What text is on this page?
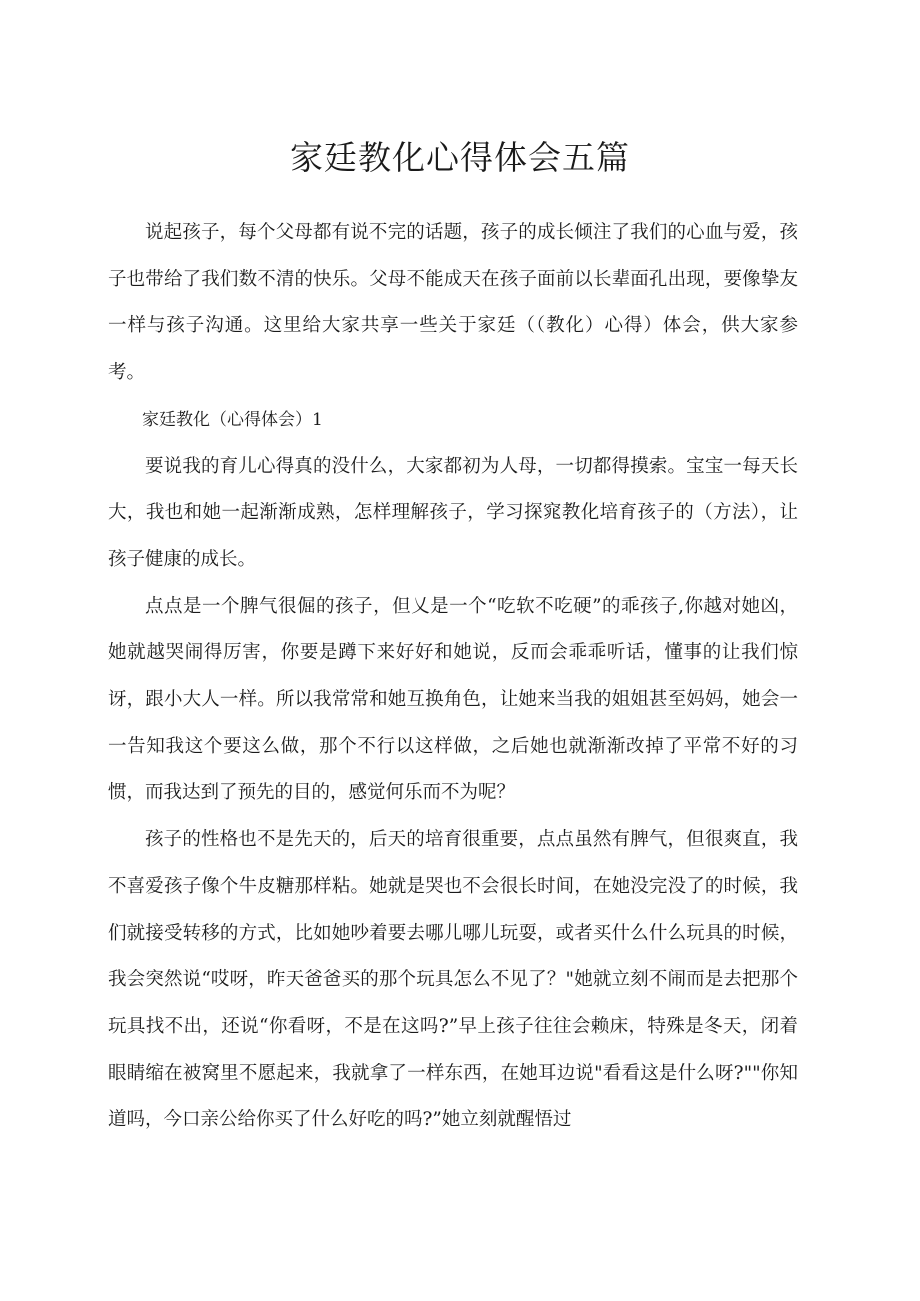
家廷教化心得体会五篇

说起孩子，每个父母都有说不完的话题，孩子的成长倾注了我们的心血与爱，孩子也带给了我们数不清的快乐。父母不能成天在孩子面前以长辈面孔出现，要像挚友一样与孩子沟通。这里给大家共享一些关于家廷（（教化）心得）体会，供大家参考。

家廷教化（心得体会）1

要说我的育儿心得真的没什么，大家都初为人母，一切都得摸索。宝宝一每天长大，我也和她一起渐渐成熟，怎样理解孩子，学习探窕教化培育孩子的（方法），让孩子健康的成长。

点点是一个脾气很倔的孩子，但乂是一个“吃软不吃硬”的乖孩子,你越对她凶，她就越哭闹得厉害，你要是蹲下来好好和她说，反而会乖乖听话，懂事的让我们惊讶，跟小大人一样。所以我常常和她互换角色，让她来当我的姐姐甚至妈妈，她会一一告知我这个要这么做，那个不行以这样做，之后她也就渐渐改掉了平常不好的习惯，而我达到了预先的目的，感觉何乐而不为呢？

孩子的性格也不是先天的，后天的培育很重要，点点虽然有脾气，但很爽直，我不喜爱孩子像个牛皮糖那样粘。她就是哭也不会很长时间，在她没完没了的时候，我们就接受转移的方式，比如她吵着要去哪儿哪儿玩耍，或者买什么什么玩具的时候，我会突然说“哎呀，昨天爸爸买的那个玩具怎么不见了？"她就立刻不闹而是去把那个玩具找不出，还说“你看呀，不是在这吗?”早上孩子往往会赖床，特殊是冬天，闭着眼睛缩在被窝里不愿起来，我就拿了一样东西，在她耳边说"看看这是什么呀?""你知道吗，今口亲公给你买了什么好吃的吗?”她立刻就醒悟过
